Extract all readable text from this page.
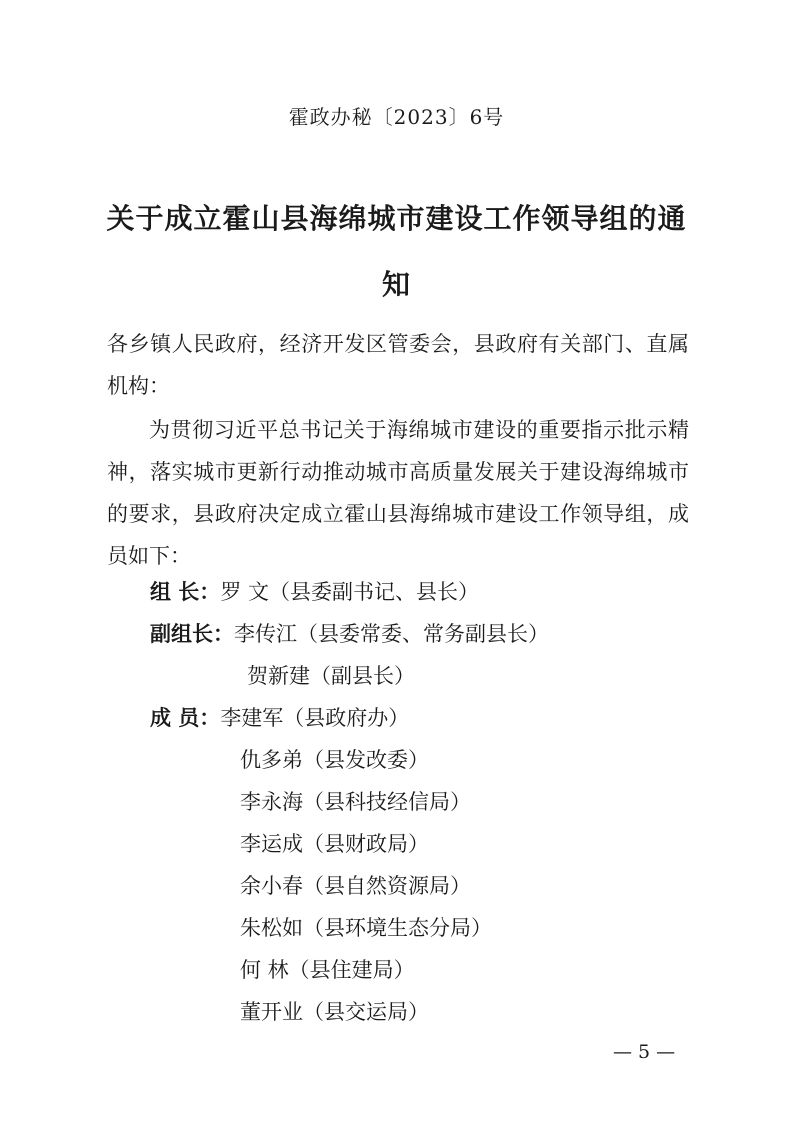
霍政办秘〔2023〕6号
关于成立霍山县海绵城市建设工作领导组的通
知

各乡镇人民政府，经济开发区管委会，县政府有关部门、直属机构：

为贯彻习近平总书记关于海绵城市建设的重要指示批示精神，落实城市更新行动推动城市高质量发展关于建设海绵城市的要求，县政府决定成立霍山县海绵城市建设工作领导组，成员如下：

组 长：罗 文（县委副书记、县长）
副组长：李传江（县委常委、常务副县长）
贺新建（副县长）
成 员：李建军（县政府办）
仇多弟（县发改委）
李永海（县科技经信局）
李运成（县财政局）
余小春（县自然资源局）
朱松如（县环境生态分局）
何 林（县住建局）
董开业（县交运局）
— 5 —
